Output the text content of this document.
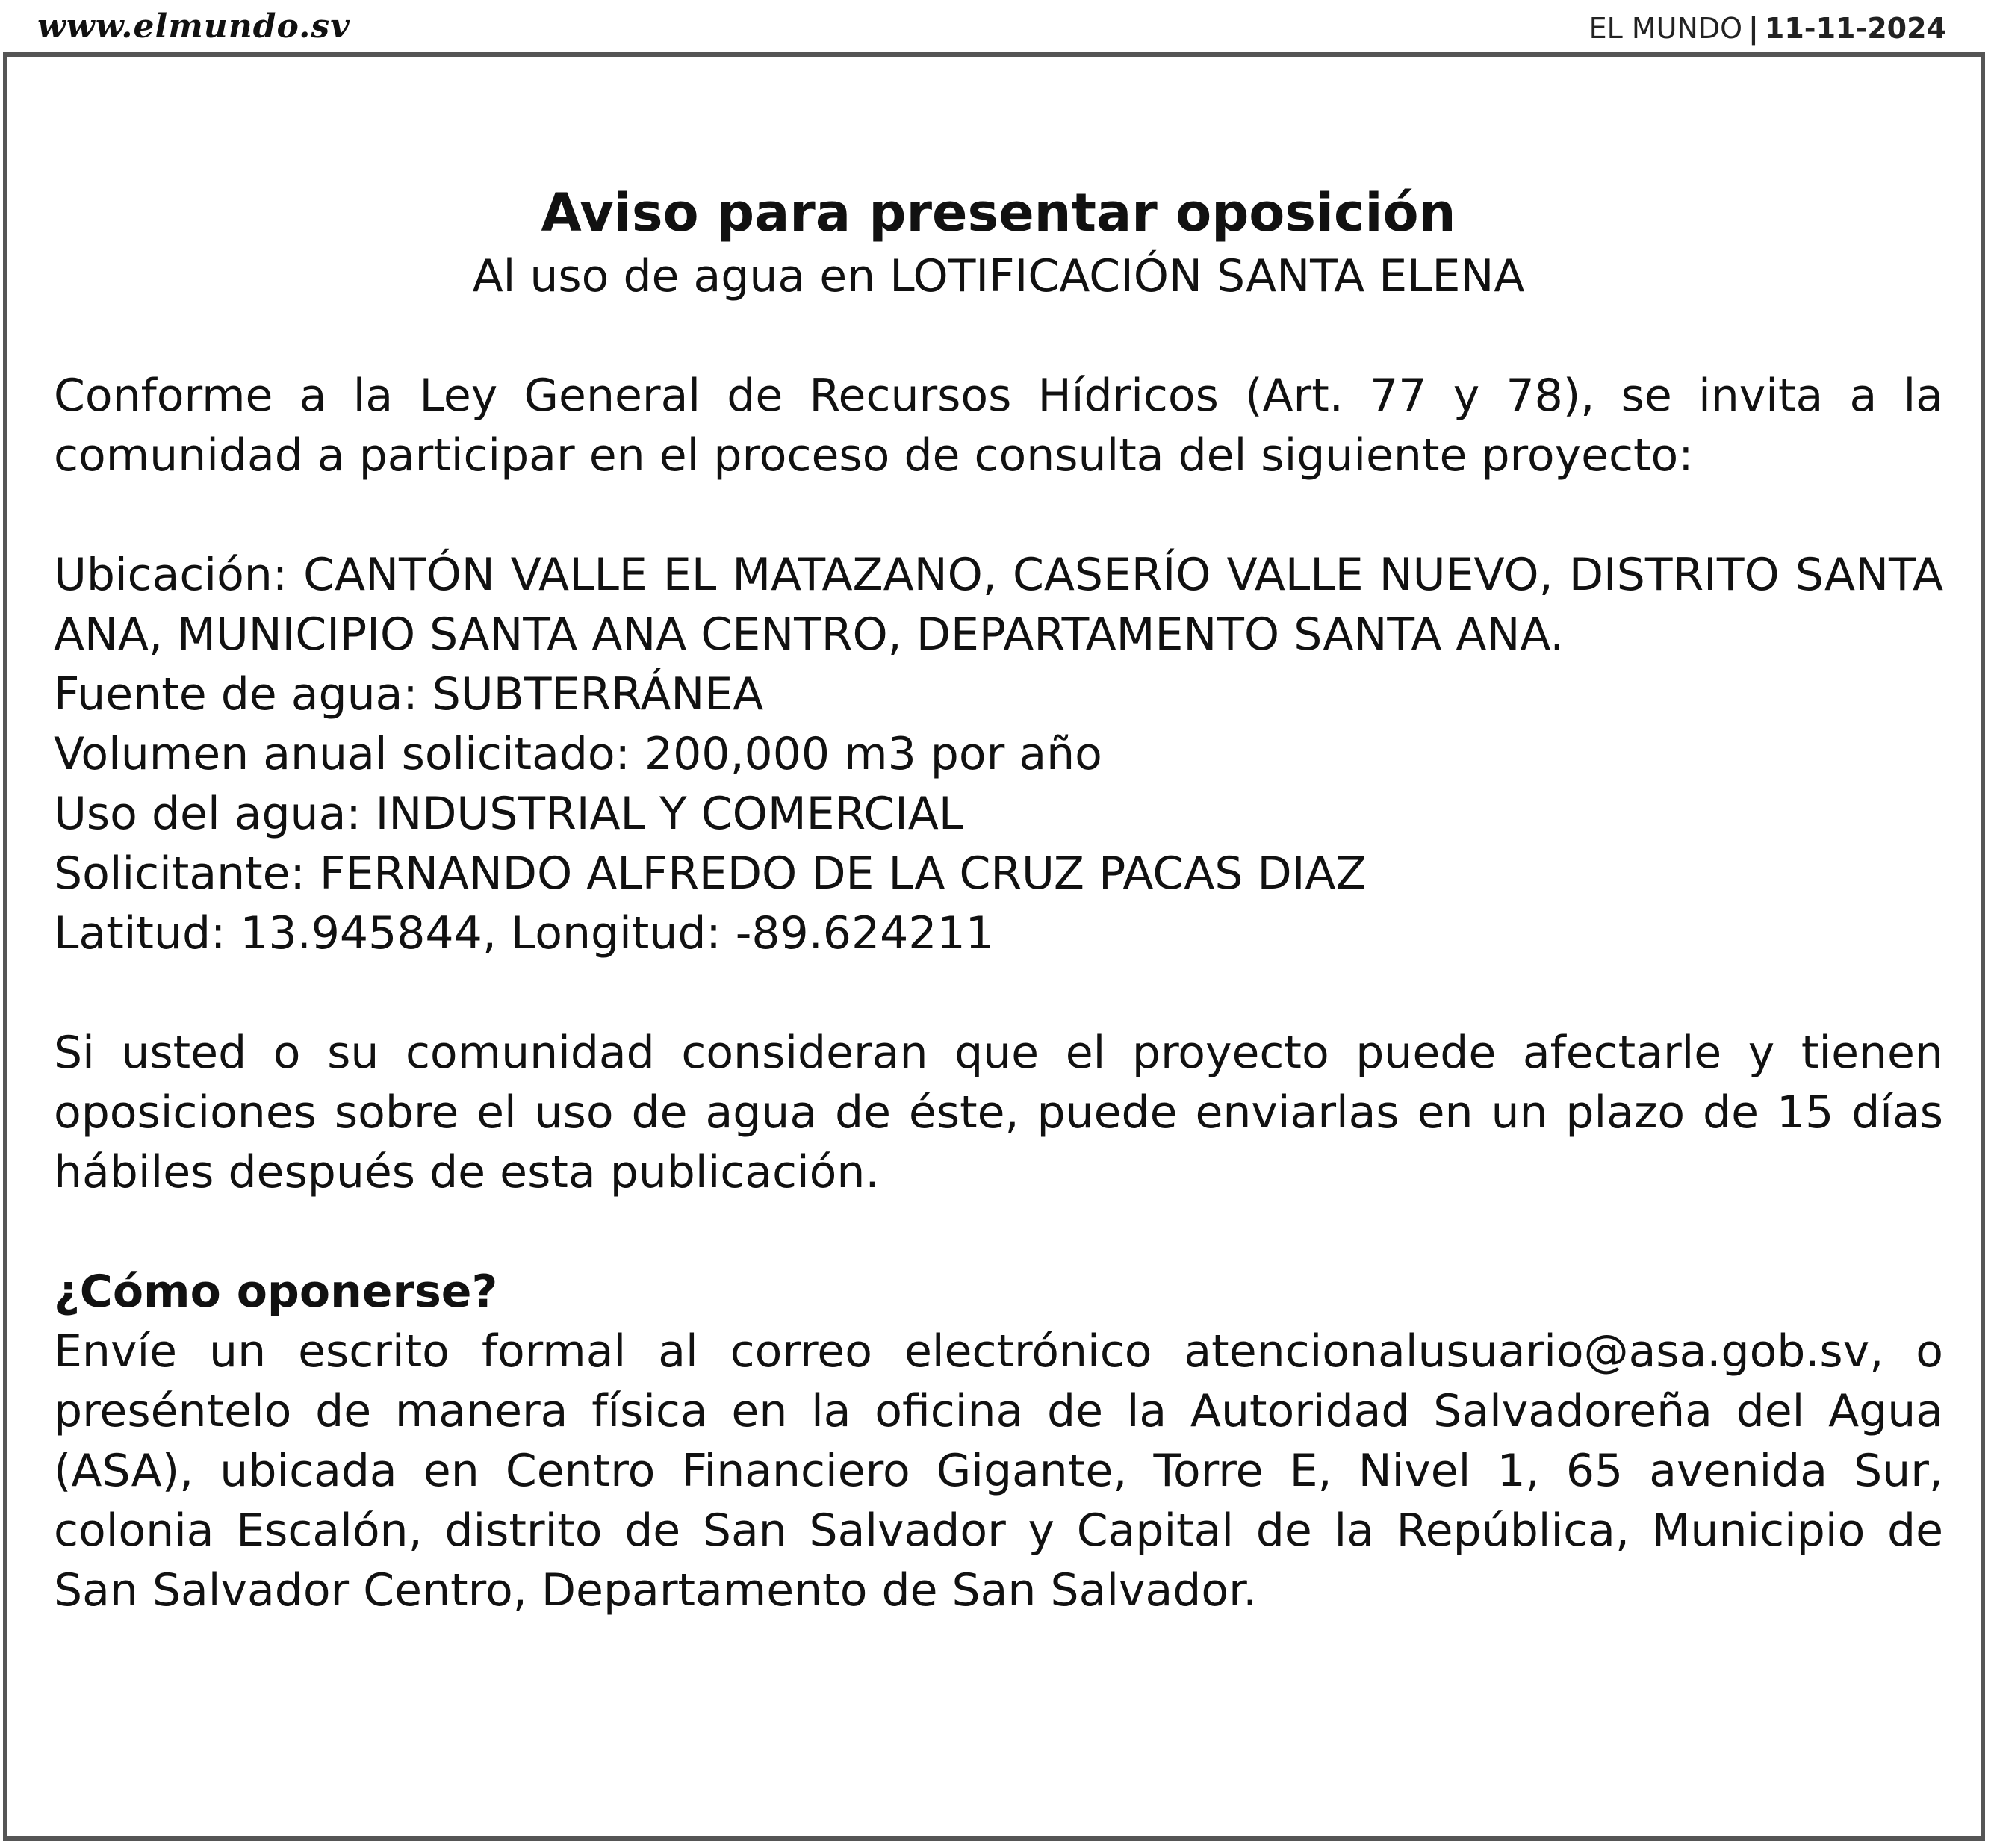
www.elmundo.sv	EL MUNDO | 11-11-2024

Aviso para presentar oposición

Al uso de agua en LOTIFICACIÓN SANTA ELENA

Conforme a la Ley General de Recursos Hídricos (Art. 77 y 78), se invita a la comunidad a participar en el proceso de consulta del siguiente proyecto:

Ubicación: CANTÓN VALLE EL MATAZANO, CASERÍO VALLE NUEVO, DISTRITO SANTA ANA, MUNICIPIO SANTA ANA CENTRO, DEPARTAMENTO SANTA ANA.

Fuente de agua: SUBTERRÁNEA

Volumen anual solicitado: 200,000 m3 por año

Uso del agua: INDUSTRIAL Y COMERCIAL

Solicitante: FERNANDO ALFREDO DE LA CRUZ PACAS DIAZ

Latitud: 13.945844, Longitud: -89.624211

Si usted o su comunidad consideran que el proyecto puede afectarle y tienen oposiciones sobre el uso de agua de éste, puede enviarlas en un plazo de 15 días hábiles después de esta publicación.

¿Cómo oponerse?

Envíe un escrito formal al correo electrónico atencionalusuario@asa.gob.sv, o preséntelo de manera física en la oficina de la Autoridad Salvadoreña del Agua (ASA), ubicada en Centro Financiero Gigante, Torre E, Nivel 1, 65 avenida Sur, colonia Escalón, distrito de San Salvador y Capital de la República, Municipio de San Salvador Centro, Departamento de San Salvador.
